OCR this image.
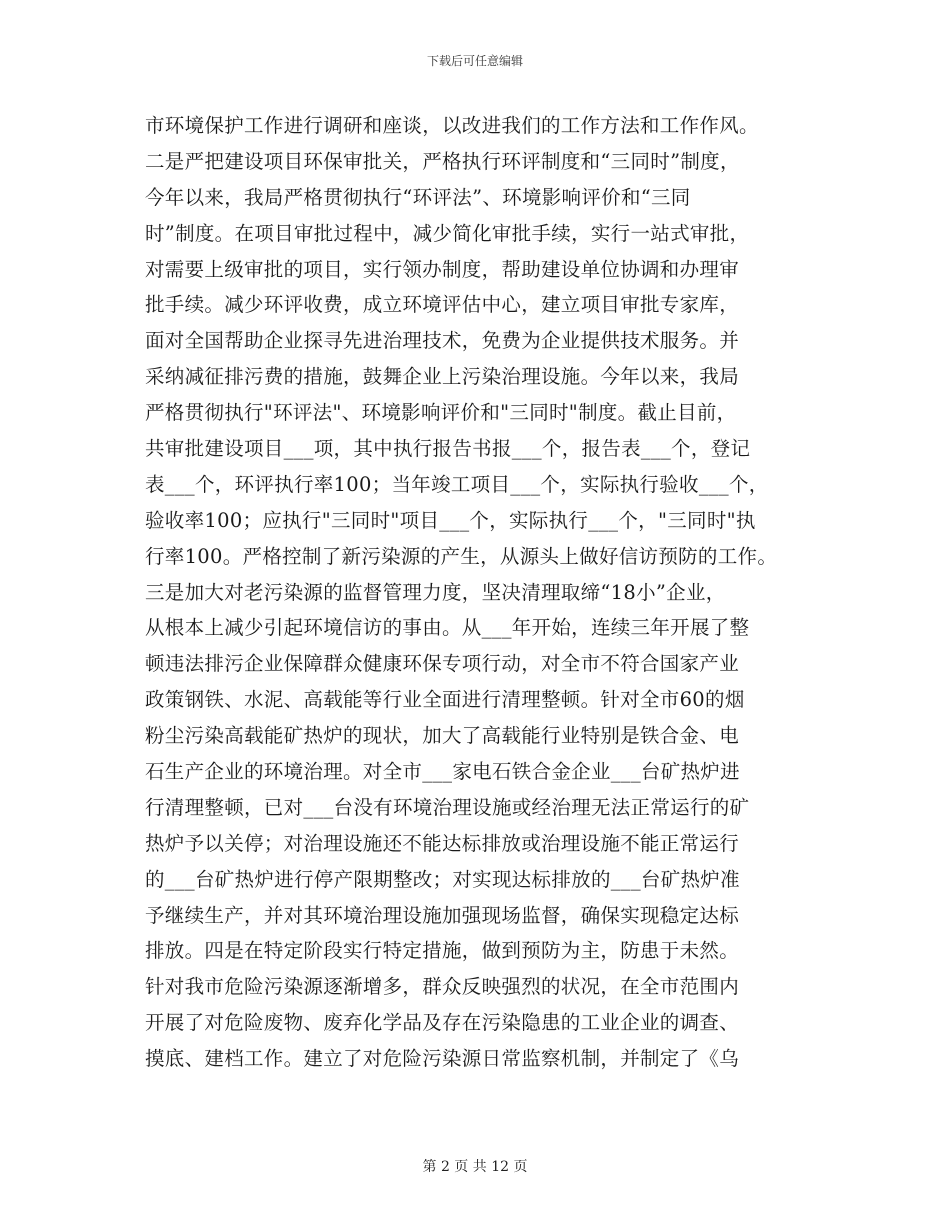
下载后可任意编辑
市环境保护工作进行调研和座谈，以改进我们的工作方法和工作作风。
二是严把建设项目环保审批关，严格执行环评制度和“三同时”制度，
今年以来，我局严格贯彻执行“环评法”、环境影响评价和“三同
时”制度。在项目审批过程中，减少简化审批手续，实行一站式审批，
对需要上级审批的项目，实行领办制度，帮助建设单位协调和办理审
批手续。减少环评收费，成立环境评估中心，建立项目审批专家库，
面对全国帮助企业探寻先进治理技术，免费为企业提供技术服务。并
采纳减征排污费的措施，鼓舞企业上污染治理设施。今年以来，我局
严格贯彻执行"环评法"、环境影响评价和"三同时"制度。截止目前，
共审批建设项目___项，其中执行报告书报___个，报告表___个，登记
表___个，环评执行率100；当年竣工项目___个，实际执行验收___个，
验收率100；应执行"三同时"项目___个，实际执行___个，"三同时"执
行率100。严格控制了新污染源的产生，从源头上做好信访预防的工作。
三是加大对老污染源的监督管理力度，坚决清理取缔“18小”企业，
从根本上减少引起环境信访的事由。从___年开始，连续三年开展了整
顿违法排污企业保障群众健康环保专项行动，对全市不符合国家产业
政策钢铁、水泥、高载能等行业全面进行清理整顿。针对全市60的烟
粉尘污染高载能矿热炉的现状，加大了高载能行业特别是铁合金、电
石生产企业的环境治理。对全市___家电石铁合金企业___台矿热炉进
行清理整顿，已对___台没有环境治理设施或经治理无法正常运行的矿
热炉予以关停；对治理设施还不能达标排放或治理设施不能正常运行
的___台矿热炉进行停产限期整改；对实现达标排放的___台矿热炉准
予继续生产，并对其环境治理设施加强现场监督，确保实现稳定达标
排放。四是在特定阶段实行特定措施，做到预防为主，防患于未然。
针对我市危险污染源逐渐增多，群众反映强烈的状况，在全市范围内
开展了对危险废物、废弃化学品及存在污染隐患的工业企业的调查、
摸底、建档工作。建立了对危险污染源日常监察机制，并制定了《乌
第 2 页 共 12 页
